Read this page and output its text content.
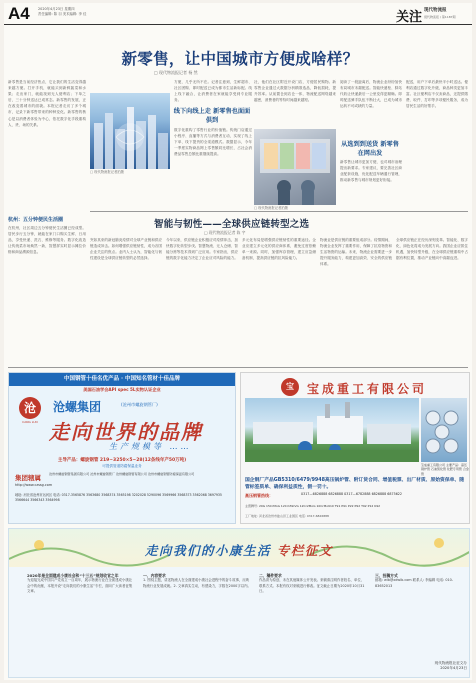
A4 2020年4月23日 星期四
责任编辑: 陈 羽 美术编辑: 李 佳	关注 现代物流报
现代物流报 / 第1187期
新零售，让中国城市方便成啥样？
□ 现代物流报记者 杨 然
新零售是当前经济热点，它让我们的生活变得越来越方便。打开手机，就能买到新鲜蔬菜和水果；走出家门，就能找到无人便利店；下单之后，三十分钟送达已成常态。新零售的发展，正在改变着城市的面貌。本报记者走访了多个城市，记录下新零售带来的种种变化。新零售的核心是以消费者体验为中心，依托数字化手段重构人、货、场的关系。
杭州：五分钟便民生活圈
在杭州，社区周边五分钟便民生活圈已经成型。居民步行五分钟，就能在家门口购买生鲜、日用品，享受快递、洗衣、维修等服务。数字化改造让传统菜市场焕然一新，智慧屏实时显示摊位价格和商品溯源信息。
□ 现代物流报记者拍摄
方便，几乎无所不在。记者注意到，生鲜超市、社区团购、即时配送已成为都市生活新标配。线上线下融合，让消费者在家就能享受到专业服务。
线下向线上走 新零售也面面俱到
数字化重构了零售行业的价值链。传统门店通过小程序、直播等方式与消费者互动，实现了线上下单、线下提货的全渠道模式。数据显示，今年一季度实物商品网上零售额同比增长，占社会消费品零售总额比重继续提高。
社，他们在社区附近开设门店，方便居民购物。新零售企业通过大数据分析精准选品，降低损耗，提升效率。从前置仓到店仓一体，物流配送网络越来越密，消费者的等待时间越来越短。
□ 现代物流报记者拍摄
阅读了一段距离后，物流企业纷纷加快布局城市末端配送。智能快递柜、驿站代收让快递最后一公里变得更顺畅。即时配送骑手队伍不断壮大，已成为城市运转不可或缺的力量。
从选到到送货 新零售在网出发
新零售让城市更加方便，也对城市治理提出新要求。专家建议，要完善社区商业配套设施，优化配送车辆通行管理，推动新零售与城市规划更好衔接。
配送，用户下单后最快半小时送达。便利店通过数字化升级，商品种类更加丰富。社区便利店不仅卖商品，还提供缴费、取件、打印等多项便民服务，成为居民生活的好帮手。
智能与韧性——全球供应链转型之选
□ 现代物流报记者 陈 宇
突如其来的新冠肺炎疫情对全球产业链和供应链造成冲击。如何增强供应链韧性，成为各国企业关注的焦点。业内人士认为，智能化与韧性建设是全球供应链转型的必然选择。
今年以来，供应链企业积极应对疫情冲击，加快数字化转型步伐。智慧物流、无人仓储、智能分拣等技术得到广泛应用。专家指出，供应链的数字化能力决定了企业应对风险的能力。
多元化布局是增强供应链韧性的重要途径。企业应建立多元化的供应商体系，避免过度依赖单一来源。同时，加强库存管理，建立应急储备机制，提高供应链的抗风险能力。
物流业是供应链的重要组成部分。疫情期间，物流企业发挥了重要作用，保障了抗疫物资和生活物资的运输。未来，物流企业需要进一步提升服务能力，构建更加高效、安全的供应链体系。
全球供应链正在经历深刻变革。智能化、数字化、绿色化将成为发展方向。我国企业应抓住机遇，加快转型升级，在全球供应链重构中占据有利位置，推动产业链向中高端迈进。
中国钢管十佳名优产品 · 中国知名管材十佳品牌
美国石油学会API spec 5L实物认证企业
沧
CANG LUO
沧螺集团	(沧州市螺旋钢管厂)
走向世界的品牌
生产规模等 ……
主导产品：螺旋钢管 219~3250×5~28(12条线年产50万吨)
可提供管道防腐保温业务
集团辖属
http://www.czssg.com
沧州市螺旋钢管集团有限公司 沧州市螺旋钢管厂 沧州螺旋钢管有限公司 沧州市螺旋钢管防腐保温有限公司
地址: 河北省沧州市运河区 电话: 0317-3565876 3563680 3568374 3565198 3202028 5290096 3569966 3568373 3562068 3697935 3566644 3566343 3564998
宝	宝成重工有限公司
宝成重工有限公司 主要产品：高压锅炉管 石油裂化管 化肥专用管 合金管
国企钢厂产品GB5310/6479/9948高压锅炉管、附订货合同、增值税票、出厂材质、原始资保单、随管标签质单、确保利益质性，假一罚十。
高压钢管热线：	0317—6826888 6826888 0317—6782888 6826888 6875622
主营牌号: 20G 15CrMoG 12Cr1MoVG 12Cr2MoG 10CrMo910 T91 P91 P22 P92 T92 P12 K92
工厂地址: 河北省沧州市盐山县工业园区 电话: 0317-6826888
走向我们的小康生活 专栏征文
2020年是全面建成小康社会和“十三五”规划收官之年
为迎接完成中国共产党成立一百周年，展示物流行业在全面建成小康社会中的贡献，本报开设“走向我们的小康生活”专栏，面向广大读者征集文章。
一、内容要求
1. 围绕主题，讲述物流人在全面建成小康社会进程中的奋斗故事，反映物流行业发展成就。2. 文章真实生动，有感染力，字数在2000字以内。
二、稿件要求
作品须为原创，未在其他媒体公开发表。来稿请注明作者姓名、单位、联系方式。本报有权对来稿进行修改。征文截止日期为2020年10月31日。
三、投稿方式
邮箱: wlb@xdwlb.com 联系人: 李编辑 电话: 010-83652013
现代物流报社征文办
2020年4月23日
